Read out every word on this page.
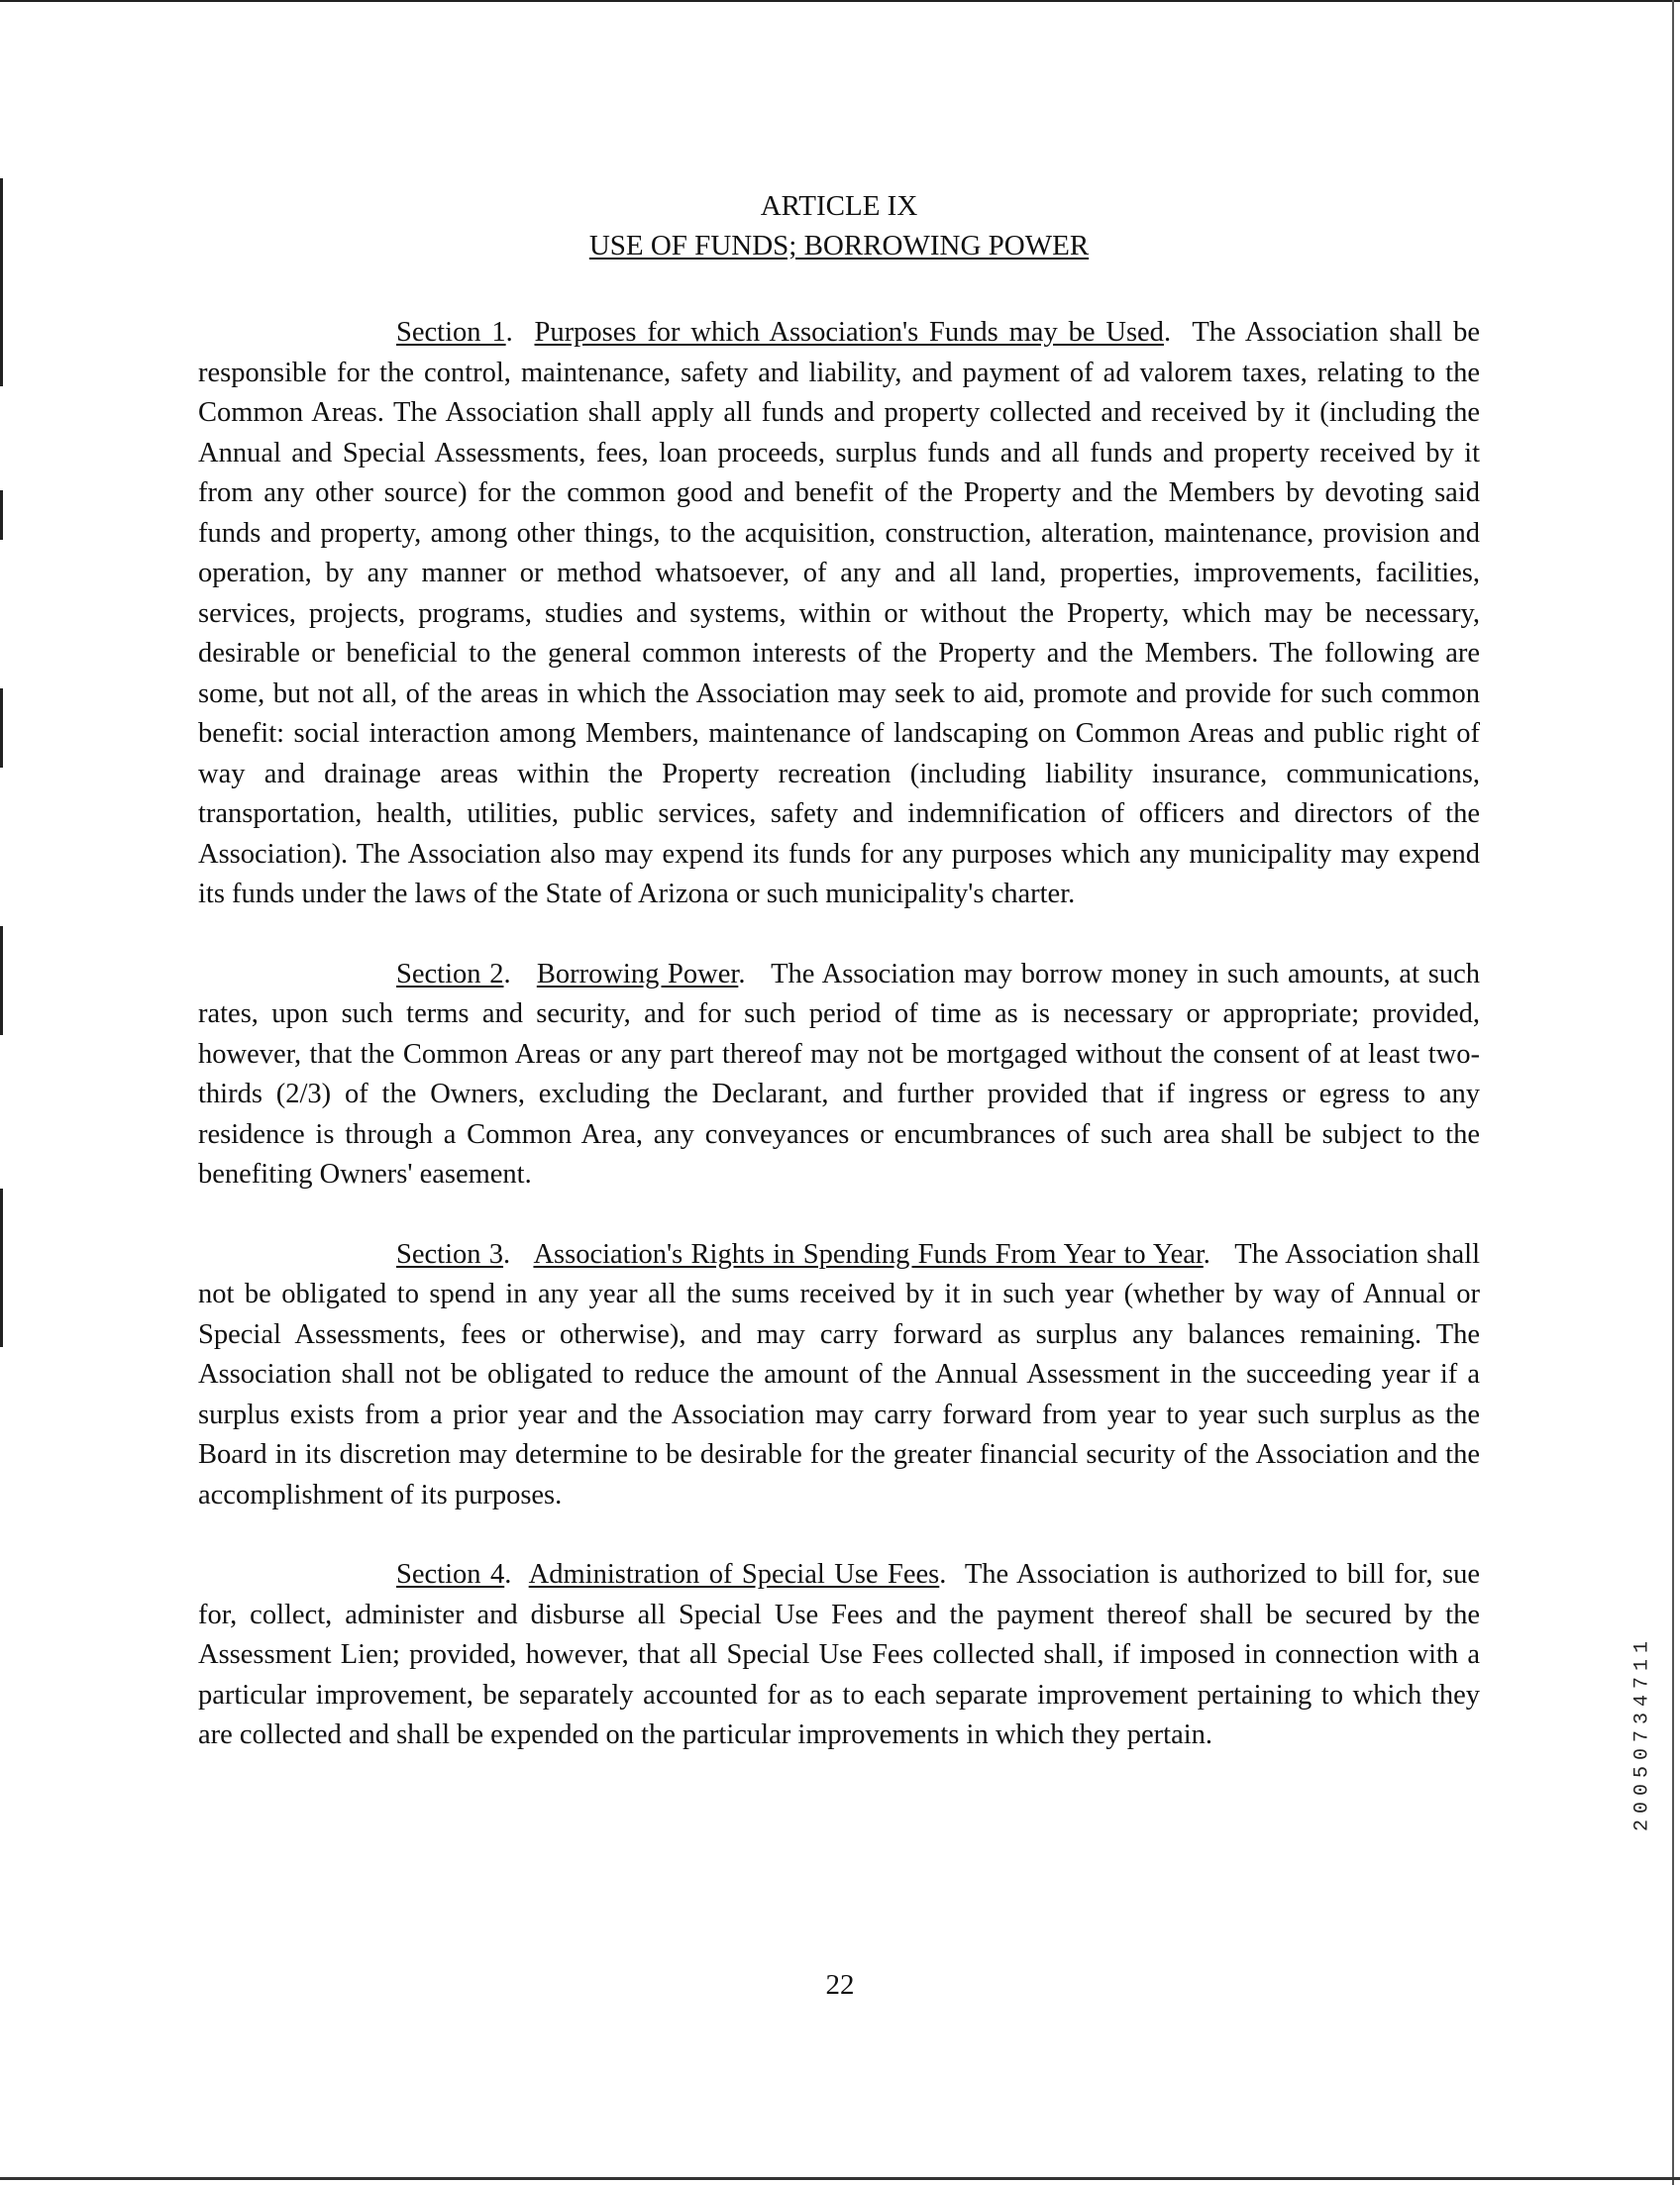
ARTICLE IX
USE OF FUNDS; BORROWING POWER

Section 1.  Purposes for which Association's Funds may be Used.  The Association shall be responsible for the control, maintenance, safety and liability, and payment of ad valorem taxes, relating to the Common Areas. The Association shall apply all funds and property collected and received by it (including the Annual and Special Assessments, fees, loan proceeds, surplus funds and all funds and property received by it from any other source) for the common good and benefit of the Property and the Members by devoting said funds and property, among other things, to the acquisition, construction, alteration, maintenance, provision and operation, by any manner or method whatsoever, of any and all land, properties, improvements, facilities, services, projects, programs, studies and systems, within or without the Property, which may be necessary, desirable or beneficial to the general common interests of the Property and the Members. The following are some, but not all, of the areas in which the Association may seek to aid, promote and provide for such common benefit: social interaction among Members, maintenance of landscaping on Common Areas and public right of way and drainage areas within the Property recreation (including liability insurance, communications, transportation, health, utilities, public services, safety and indemnification of officers and directors of the Association). The Association also may expend its funds for any purposes which any municipality may expend its funds under the laws of the State of Arizona or such municipality's charter.

Section 2.   Borrowing Power.   The Association may borrow money in such amounts, at such rates, upon such terms and security, and for such period of time as is necessary or appropriate; provided, however, that the Common Areas or any part thereof may not be mortgaged without the consent of at least two-thirds (2/3) of the Owners, excluding the Declarant, and further provided that if ingress or egress to any residence is through a Common Area, any conveyances or encumbrances of such area shall be subject to the benefiting Owners' easement.

Section 3.   Association's Rights in Spending Funds From Year to Year.   The Association shall not be obligated to spend in any year all the sums received by it in such year (whether by way of Annual or Special Assessments, fees or otherwise), and may carry forward as surplus any balances remaining. The Association shall not be obligated to reduce the amount of the Annual Assessment in the succeeding year if a surplus exists from a prior year and the Association may carry forward from year to year such surplus as the Board in its discretion may determine to be desirable for the greater financial security of the Association and the accomplishment of its purposes.

Section 4.  Administration of Special Use Fees.  The Association is authorized to bill for, sue for, collect, administer and disburse all Special Use Fees and the payment thereof shall be secured by the Assessment Lien; provided, however, that all Special Use Fees collected shall, if imposed in connection with a particular improvement, be separately accounted for as to each separate improvement pertaining to which they are collected and shall be expended on the particular improvements in which they pertain.

22
20050734711
